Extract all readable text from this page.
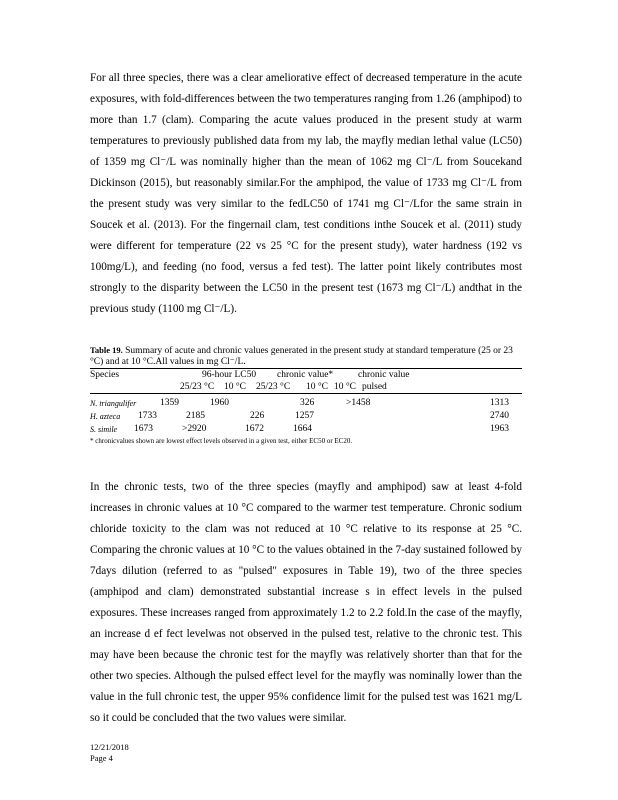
For all three species, there was a clear ameliorative effect of decreased temperature in the acute exposures, with fold-differences between the two temperatures ranging from 1.26 (amphipod) to more than 1.7 (clam). Comparing the acute values produced in the present study at warm temperatures to previously published data from my lab, the mayfly median lethal value (LC50) of 1359 mg Cl⁻/L was nominally higher than the mean of 1062 mg Cl⁻/L from Soucekand Dickinson (2015), but reasonably similar.For the amphipod, the value of 1733 mg Cl⁻/L from the present study was very similar to the fedLC50 of 1741 mg Cl⁻/Lfor the same strain in Soucek et al. (2013). For the fingernail clam, test conditions inthe Soucek et al. (2011) study were different for temperature (22 vs 25 °C for the present study), water hardness (192 vs 100mg/L), and feeding (no food, versus a fed test). The latter point likely contributes most strongly to the disparity between the LC50 in the present test (1673 mg Cl⁻/L) andthat in the previous study (1100 mg Cl⁻/L).

Table 19. Summary of acute and chronic values generated in the present study at standard temperature (25 or 23 °C) and at 10 °C.All values in mg Cl⁻/L.
Species	96-hour LC50 chronic value*	chronic value
25/23 °C 10 °C 25/23 °C 10 °C 10 °C pulsed
N. triangulifer	1359	1960	326	>1458	1313
H. azteca 1733	2185	226	1257	2740
S. simile 1673	>2920	1672	1664	1963
* chronicvalues shown are lowest effect levels observed in a given test, either EC50 or EC20.

In the chronic tests, two of the three species (mayfly and amphipod) saw at least 4-fold increases in chronic values at 10 °C compared to the warmer test temperature. Chronic sodium chloride toxicity to the clam was not reduced at 10 °C relative to its response at 25 °C. Comparing the chronic values at 10 °C to the values obtained in the 7-day sustained followed by 7days dilution (referred to as "pulsed" exposures in Table 19), two of the three species (amphipod and clam) demonstrated substantial increase s in effect levels in the pulsed exposures. These increases ranged from approximately 1.2 to 2.2 fold.In the case of the mayfly, an increase d ef fect levelwas not observed in the pulsed test, relative to the chronic test. This may have been because the chronic test for the mayfly was relatively shorter than that for the other two species. Although the pulsed effect level for the mayfly was nominally lower than the value in the full chronic test, the upper 95% confidence limit for the pulsed test was 1621 mg/L so it could be concluded that the two values were similar.

12/21/2018
Page 4
